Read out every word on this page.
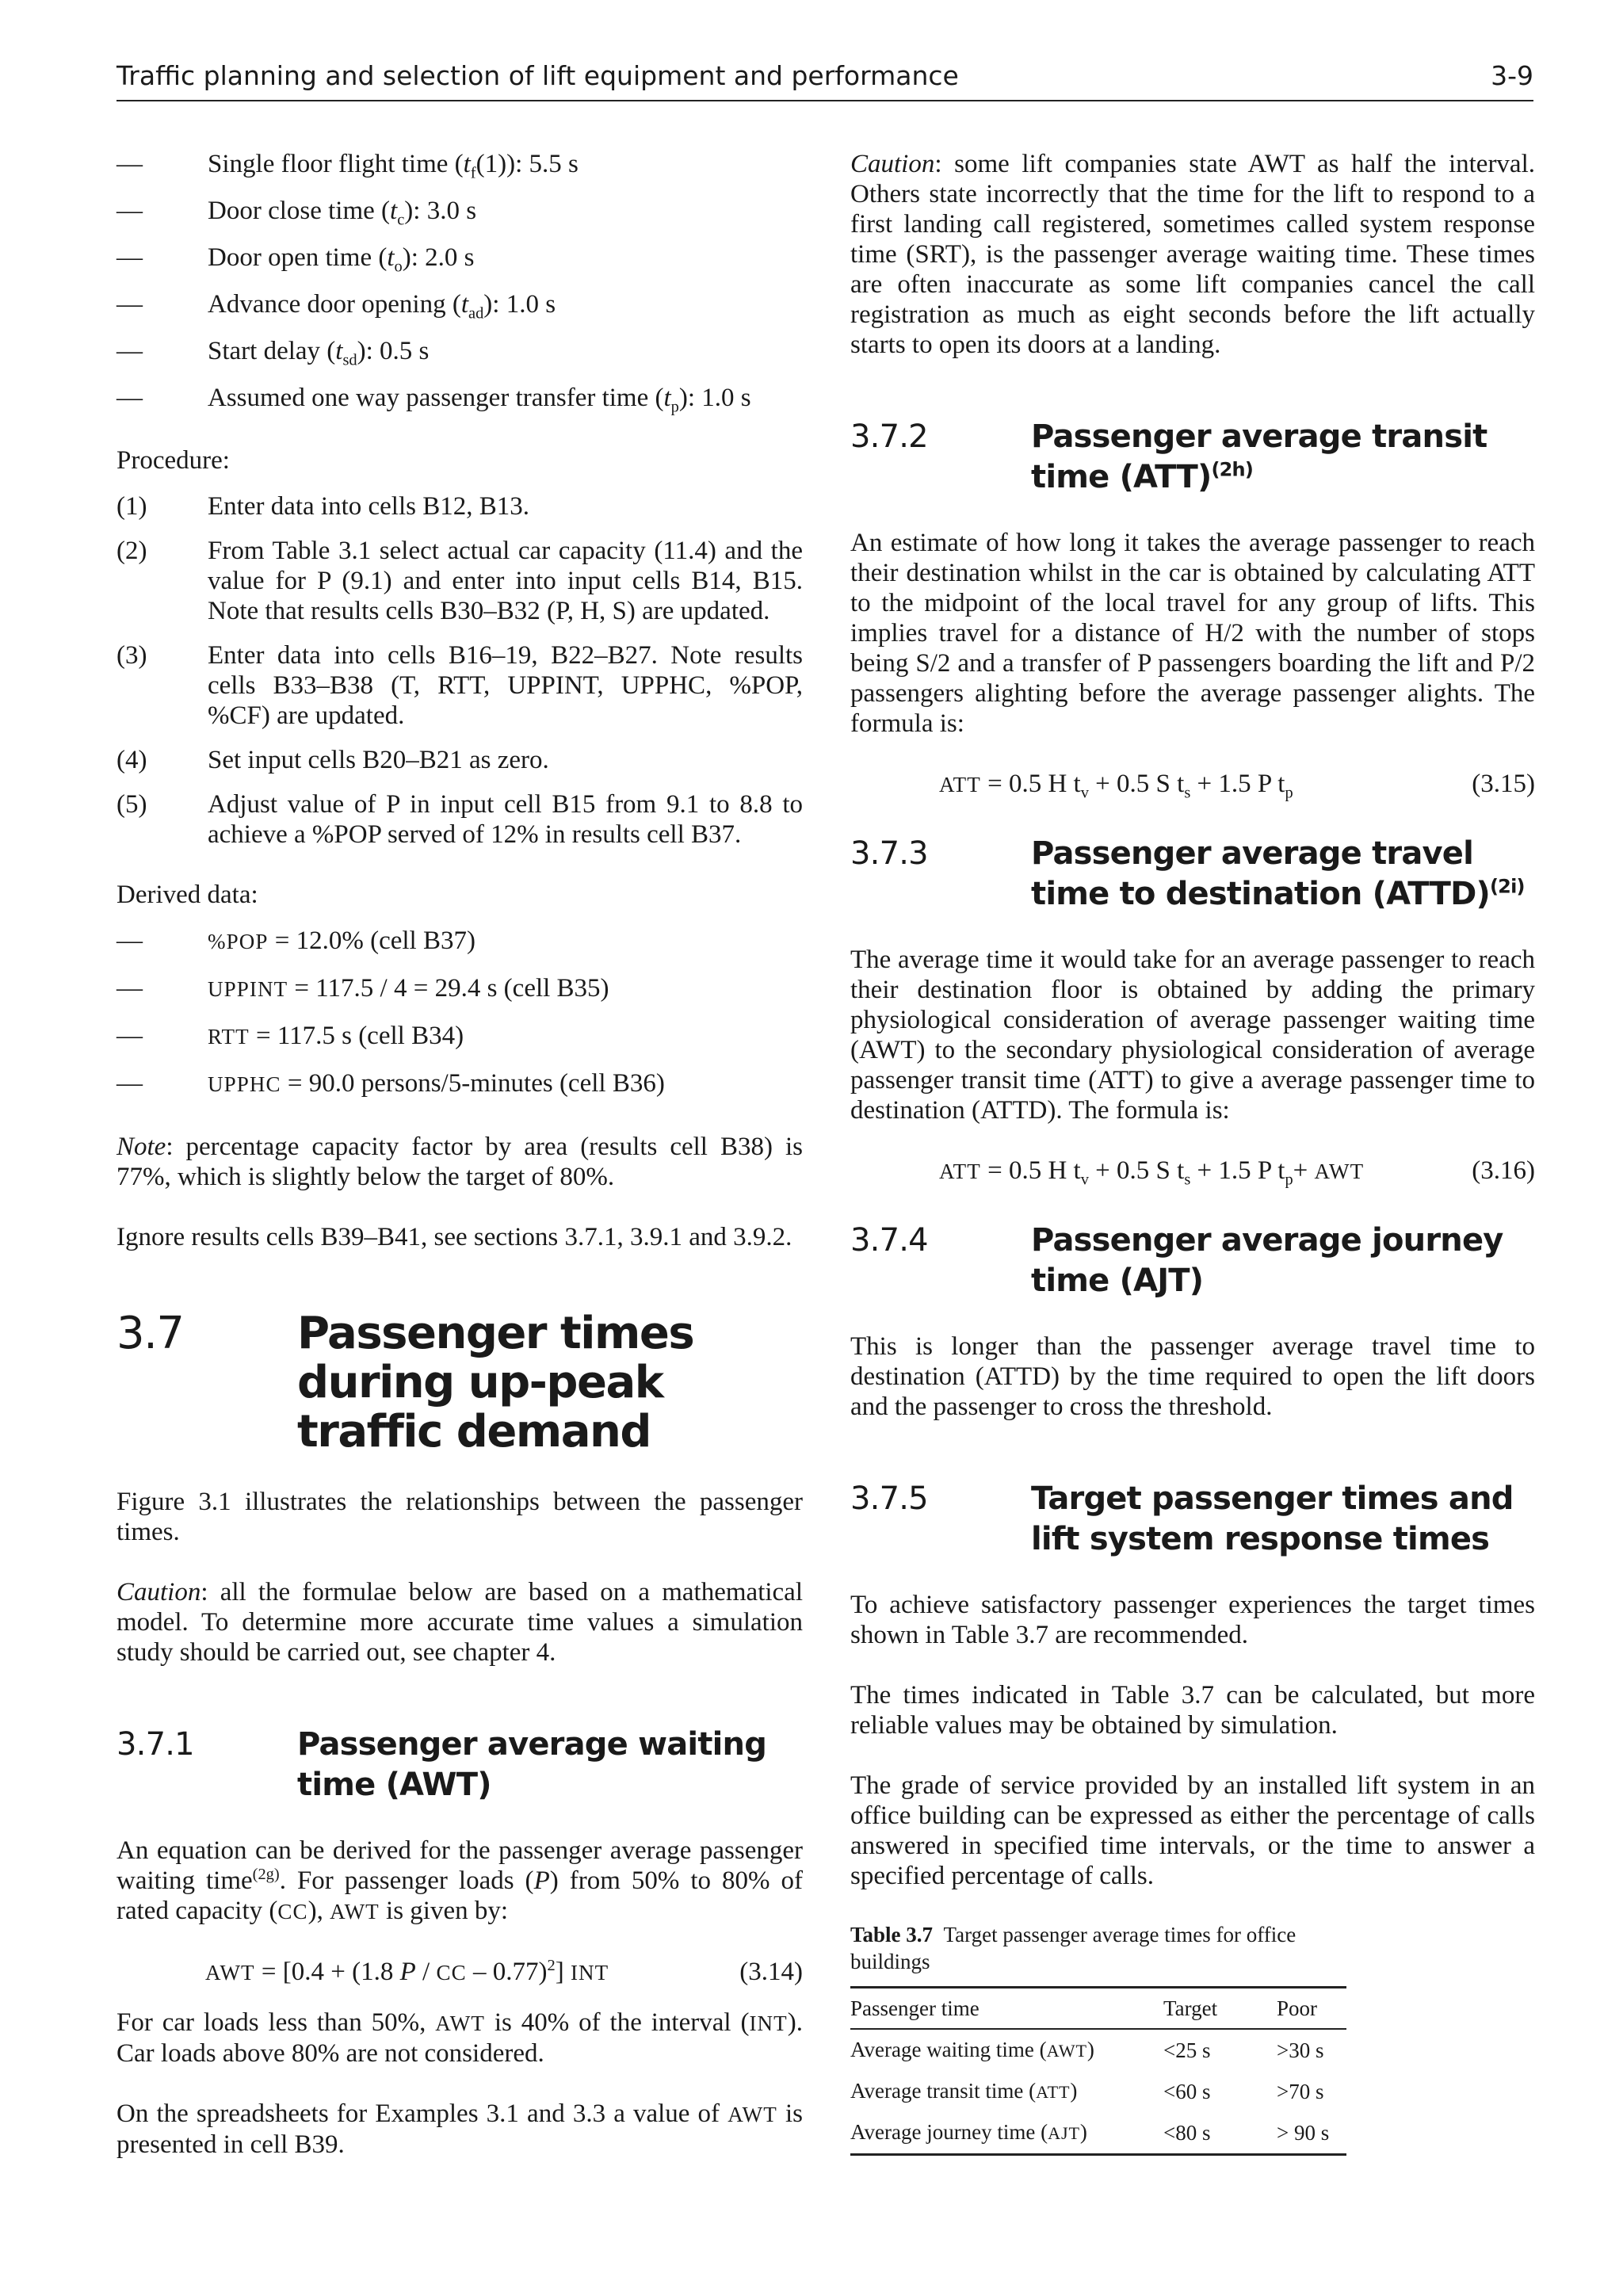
Traffic planning and selection of lift equipment and performance	3-9
— Single floor flight time $(t_f(1))$: 5.5 s
— Door close time $(t_c)$: 3.0 s
— Door open time $(t_o)$: 2.0 s
— Advance door opening $(t_{ad})$: 1.0 s
— Start delay $(t_{sd})$: 0.5 s
— Assumed one way passenger transfer time $(t_p)$: 1.0 s

Procedure:

(1) Enter data into cells B12, B13.
(2) From Table 3.1 select actual car capacity (11.4) and the value for P (9.1) and enter into input cells B14, B15. Note that results cells B30–B32 (P, H, S) are updated.
(3) Enter data into cells B16–19, B22–B27. Note results cells B33–B38 (T, RTT, UPPINT, UPPHC, %POP, %CF) are updated.
(4) Set input cells B20–B21 as zero.
(5) Adjust value of P in input cell B15 from 9.1 to 8.8 to achieve a %POP served of 12% in results cell B37.

Derived data:

—	%POP = 12.0% (cell B37)
—	UPPINT = 117.5 / 4 = 29.4 s (cell B35)
—	RTT = 117.5 s (cell B34)
—	UPPHC = 90.0 persons/5-minutes (cell B36)

Note: percentage capacity factor by area (results cell B38) is 77%, which is slightly below the target of 80%.

Ignore results cells B39–B41, see sections 3.7.1, 3.9.1 and 3.9.2.

3.7	Passenger times during up-peak traffic demand

Figure 3.1 illustrates the relationships between the passenger times.

Caution: all the formulae below are based on a mathematical model. To determine more accurate time values a simulation study should be carried out, see chapter 4.

3.7.1	Passenger average waiting time (AWT)

An equation can be derived for the passenger average passenger waiting time$^{(2g)}$. For passenger loads (P) from 50% to 80% of rated capacity (CC), AWT is given by:

AWT = [0.4 + (1.8 P / CC – 0.77)$^2$] INT	(3.14)

For car loads less than 50%, AWT is 40% of the interval (INT). Car loads above 80% are not considered.

On the spreadsheets for Examples 3.1 and 3.3 a value of AWT is presented in cell B39.

Caution: some lift companies state AWT as half the interval. Others state incorrectly that the time for the lift to respond to a first landing call registered, sometimes called system response time (SRT), is the passenger average waiting time. These times are often inaccurate as some lift companies cancel the call registration as much as eight seconds before the lift actually starts to open its doors at a landing.

3.7.2	Passenger average transit time (ATT)$^{(2h)}$

An estimate of how long it takes the average passenger to reach their destination whilst in the car is obtained by calculating ATT to the midpoint of the local travel for any group of lifts. This implies travel for a distance of H/2 with the number of stops being S/2 and a transfer of P passengers boarding the lift and P/2 passengers alighting before the average passenger alights. The formula is:

ATT = 0.5 H $t_v + 0.5$ S $t_s + 1.5$ P $t_p$	(3.15)
3.7.3	Passenger average travel time to destination (ATTD)$^{(2i)}$

The average time it would take for an average passenger to reach their destination floor is obtained by adding the primary physiological consideration of average passenger waiting time (AWT) to the secondary physiological consideration of average passenger transit time (ATT) to give a average passenger time to destination (ATTD). The formula is:

ATT = 0.5 H $t_v + 0.5$ S $t_s + 1.5$ P $t_p+$ AWT	(3.16)
3.7.4	Passenger average journey time (AJT)

This is longer than the passenger average travel time to destination (ATTD) by the time required to open the lift doors and the passenger to cross the threshold.

3.7.5	Target passenger times and lift system response times

To achieve satisfactory passenger experiences the target times shown in Table 3.7 are recommended.

The times indicated in Table 3.7 can be calculated, but more reliable values may be obtained by simulation.

The grade of service provided by an installed lift system in an office building can be expressed as either the percentage of calls answered in specified time intervals, or the time to answer a specified percentage of calls.

Table 3.7 Target passenger average times for office buildings
Passenger time	Target	Poor
Average waiting time (AWT)	<25 s	>30 s
Average transit time (ATT)	<60 s	>70 s
Average journey time (AJT)	<80 s	> 90 s
